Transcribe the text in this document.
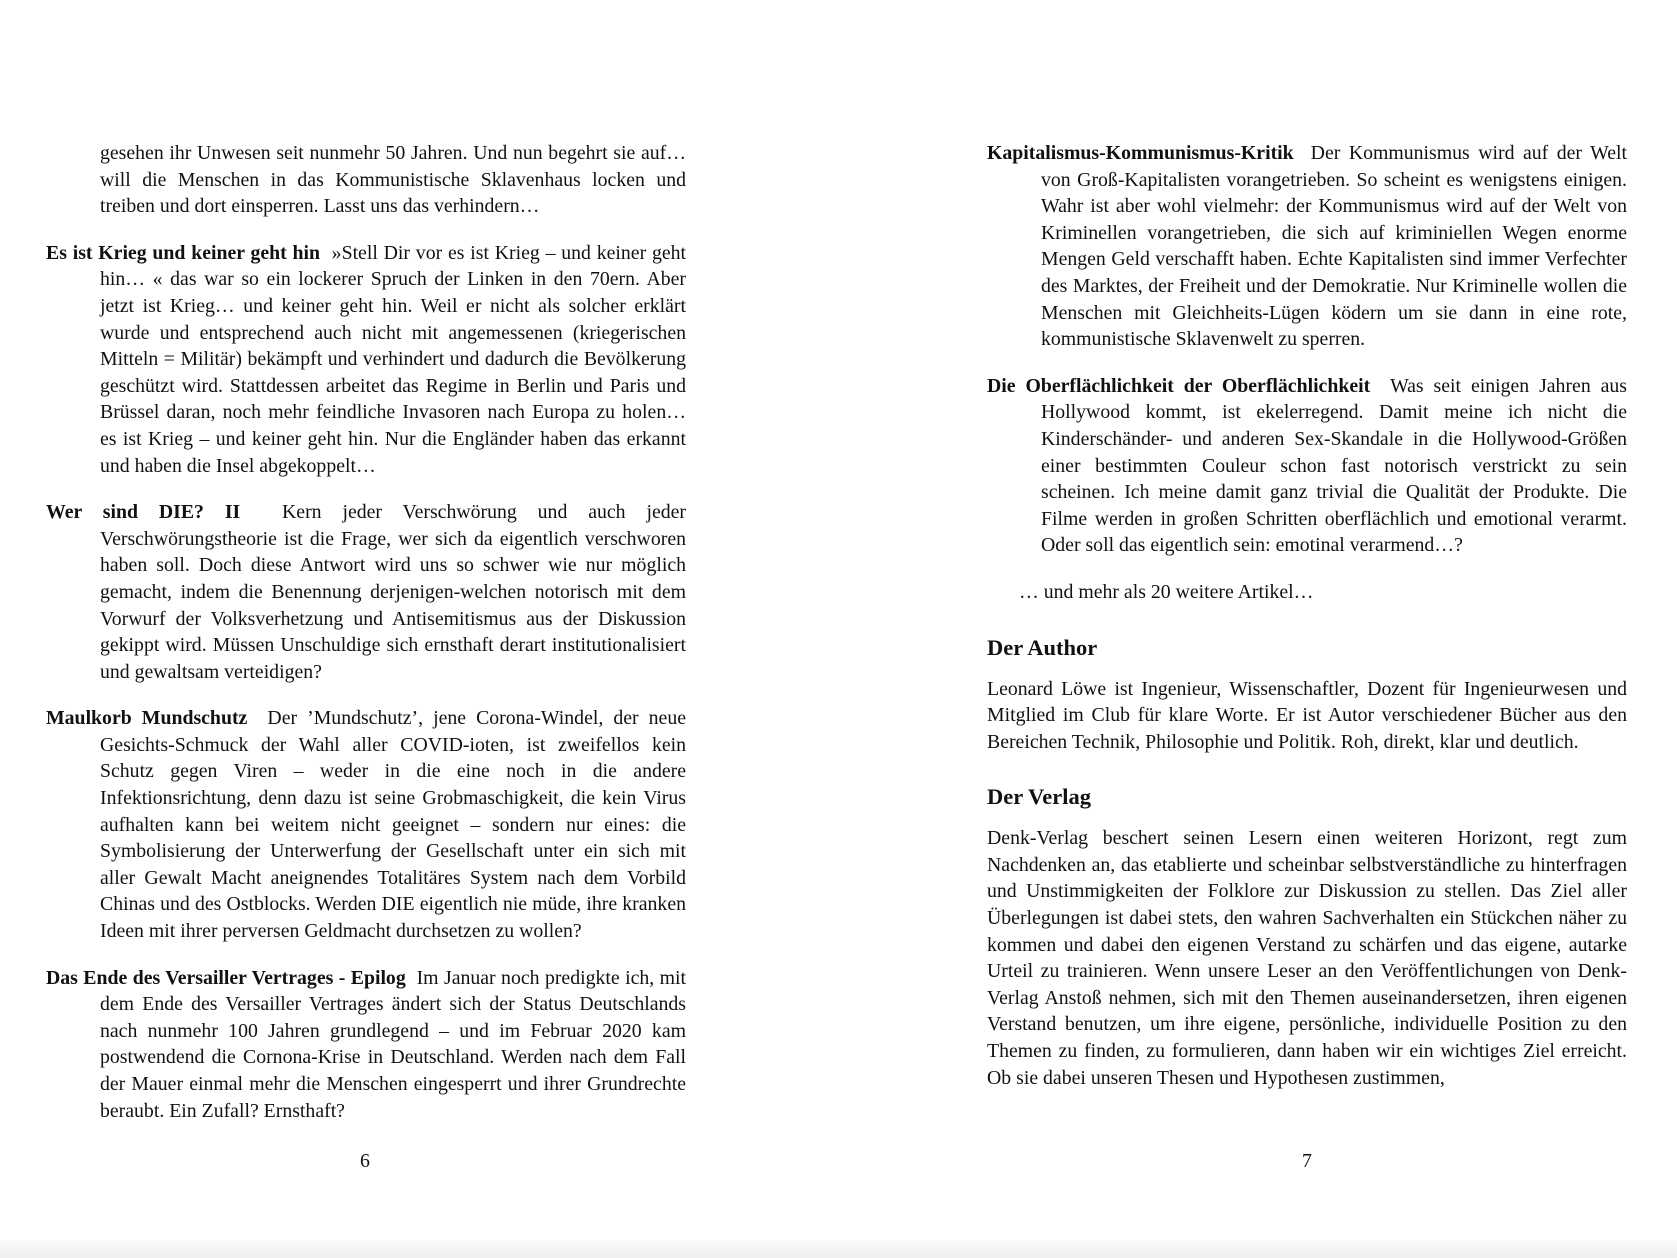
gesehen ihr Unwesen seit nunmehr 50 Jahren. Und nun begehrt sie auf… will die Menschen in das Kommunistische Sklavenhaus locken und treiben und dort einsperren. Lasst uns das verhindern…

Es ist Krieg und keiner geht hin »Stell Dir vor es ist Krieg – und keiner geht hin… « das war so ein lockerer Spruch der Linken in den 70ern. Aber jetzt ist Krieg… und keiner geht hin. Weil er nicht als solcher erklärt wurde und entsprechend auch nicht mit angemessenen (kriegerischen Mitteln = Militär) bekämpft und verhindert und dadurch die Bevölkerung geschützt wird. Stattdessen arbeitet das Regime in Berlin und Paris und Brüssel daran, noch mehr feindliche Invasoren nach Europa zu holen… es ist Krieg – und keiner geht hin. Nur die Engländer haben das erkannt und haben die Insel abgekoppelt…

Wer sind DIE? II Kern jeder Verschwörung und auch jeder Verschwörungstheorie ist die Frage, wer sich da eigentlich verschworen haben soll. Doch diese Antwort wird uns so schwer wie nur möglich gemacht, indem die Benennung derjenigen-welchen notorisch mit dem Vorwurf der Volksverhetzung und Antisemitismus aus der Diskussion gekippt wird. Müssen Unschuldige sich ernsthaft derart institutionalisiert und gewaltsam verteidigen?

Maulkorb Mundschutz Der ’Mundschutz’, jene Corona-Windel, der neue Gesichts-Schmuck der Wahl aller COVID-ioten, ist zweifellos kein Schutz gegen Viren – weder in die eine noch in die andere Infektionsrichtung, denn dazu ist seine Grobmaschigkeit, die kein Virus aufhalten kann bei weitem nicht geeignet – sondern nur eines: die Symbolisierung der Unterwerfung der Gesellschaft unter ein sich mit aller Gewalt Macht aneignendes Totalitäres System nach dem Vorbild Chinas und des Ostblocks. Werden DIE eigentlich nie müde, ihre kranken Ideen mit ihrer perversen Geldmacht durchsetzen zu wollen?

Das Ende des Versailler Vertrages - Epilog Im Januar noch predigkte ich, mit dem Ende des Versailler Vertrages ändert sich der Status Deutschlands nach nunmehr 100 Jahren grundlegend – und im Februar 2020 kam postwendend die Cornona-Krise in Deutschland. Werden nach dem Fall der Mauer einmal mehr die Menschen eingesperrt und ihrer Grundrechte beraubt. Ein Zufall? Ernsthaft?

Kapitalismus-Kommunismus-Kritik Der Kommunismus wird auf der Welt von Groß-Kapitalisten vorangetrieben. So scheint es wenigstens einigen. Wahr ist aber wohl vielmehr: der Kommunismus wird auf der Welt von Kriminellen vorangetrieben, die sich auf kriminiellen Wegen enorme Mengen Geld verschafft haben. Echte Kapitalisten sind immer Verfechter des Marktes, der Freiheit und der Demokratie. Nur Kriminelle wollen die Menschen mit Gleichheits-Lügen ködern um sie dann in eine rote, kommunistische Sklavenwelt zu sperren.

Die Oberflächlichkeit der Oberflächlichkeit Was seit einigen Jahren aus Hollywood kommt, ist ekelerregend. Damit meine ich nicht die Kinderschänder- und anderen Sex-Skandale in die Hollywood-Größen einer bestimmten Couleur schon fast notorisch verstrickt zu sein scheinen. Ich meine damit ganz trivial die Qualität der Produkte. Die Filme werden in großen Schritten oberflächlich und emotional verarmt. Oder soll das eigentlich sein: emotinal verarmend…?

… und mehr als 20 weitere Artikel…

Der Author

Leonard Löwe ist Ingenieur, Wissenschaftler, Dozent für Ingenieurwesen und Mitglied im Club für klare Worte. Er ist Autor verschiedener Bücher aus den Bereichen Technik, Philosophie und Politik. Roh, direkt, klar und deutlich.

Der Verlag

Denk-Verlag beschert seinen Lesern einen weiteren Horizont, regt zum Nachdenken an, das etablierte und scheinbar selbstverständliche zu hinterfragen und Unstimmigkeiten der Folklore zur Diskussion zu stellen. Das Ziel aller Überlegungen ist dabei stets, den wahren Sachverhalten ein Stückchen näher zu kommen und dabei den eigenen Verstand zu schärfen und das eigene, autarke Urteil zu trainieren. Wenn unsere Leser an den Veröffentlichungen von Denk-Verlag Anstoß nehmen, sich mit den Themen auseinandersetzen, ihren eigenen Verstand benutzen, um ihre eigene, persönliche, individuelle Position zu den Themen zu finden, zu formulieren, dann haben wir ein wichtiges Ziel erreicht. Ob sie dabei unseren Thesen und Hypothesen zustimmen,

6	7
